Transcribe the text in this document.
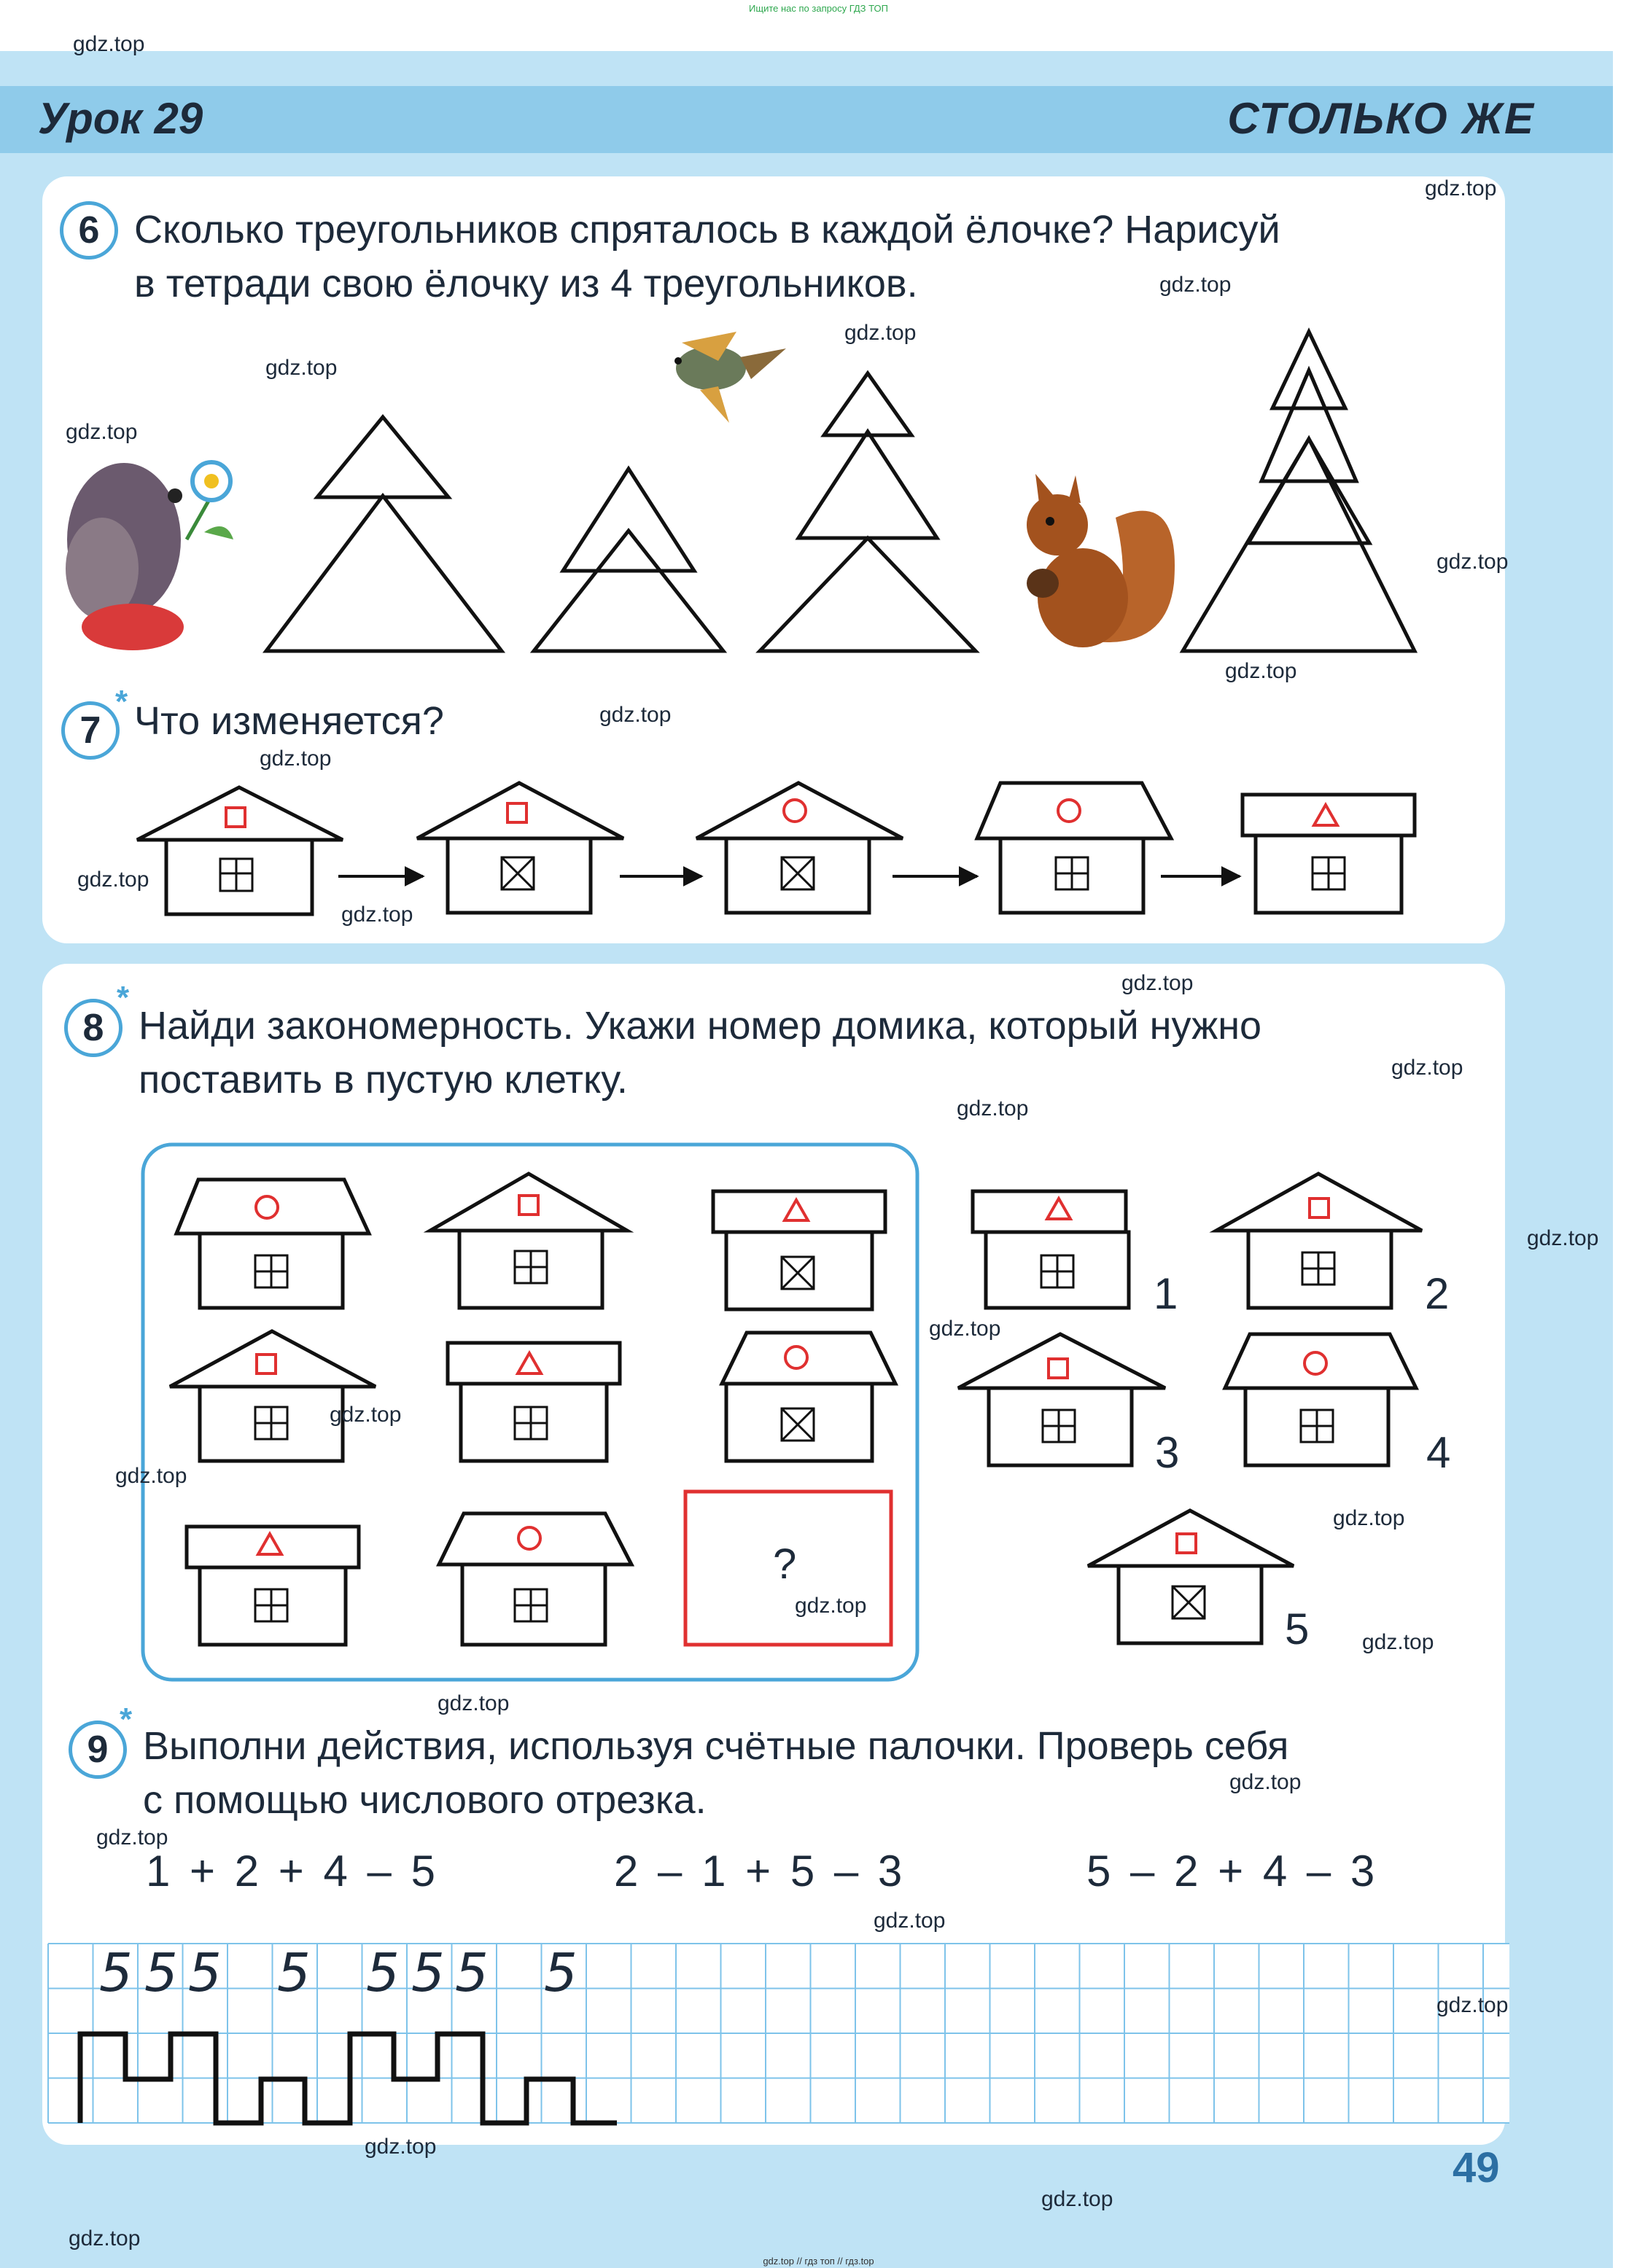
Ищите нас по запросу ГДЗ ТОП
Урок 29	СТОЛЬКО ЖЕ
6 Сколько треугольников спряталось в каждой ёлочке? Нарисуй
в тетради свою ёлочку из 4 треугольников.
7
* Что изменяется?
8
*
Найди закономерность. Укажи номер домика, который нужно
поставить в пустую клетку.
?
1	2
3	4
5
9
*
Выполни действия, используя счётные палочки. Проверь себя
с помощью числового отрезка.
1 + 2 + 4 – 5	2 – 1 + 5 – 3	5 – 2 + 4 – 3
5 5 5 5 5 5 5 5
49
gdz.top
gdz.top
gdz.top
gdz.top
gdz.top
gdz.top
gdz.top
gdz.top
gdz.top
gdz.top
gdz.top
gdz.top
gdz.top
gdz.top
gdz.top
gdz.top
gdz.top
gdz.top
gdz.top
gdz.top
gdz.top
gdz.top
gdz.top
gdz.top
gdz.top
gdz.top
gdz.top
gdz.top
gdz.top
gdz.top
gdz.top // гдз топ // гдз.top
